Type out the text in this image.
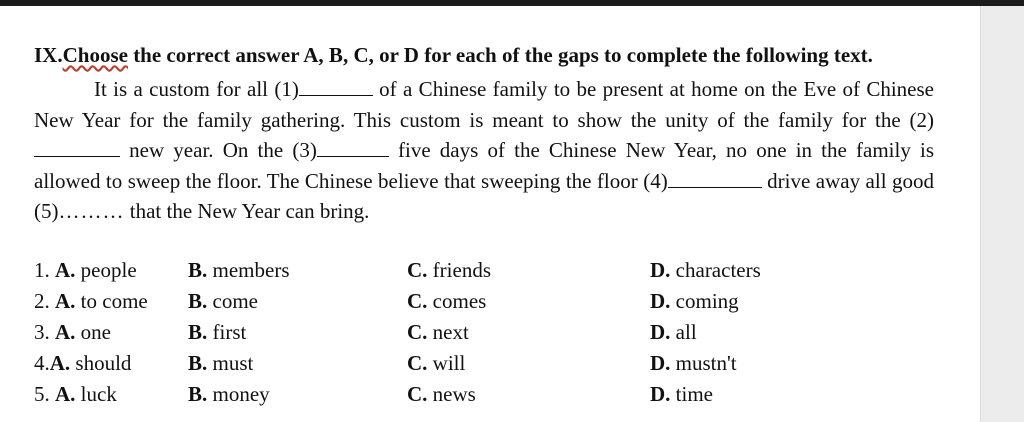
IX.Choose the correct answer A, B, C, or D for each of the gaps to complete the following text.

It is a custom for all (1)	of a Chinese family to be present at home on the Eve of Chinese New Year for the family gathering. This custom is meant to show the unity of the family for the (2) new year. On the (3)	five days of the Chinese New Year, no one in the family is allowed to sweep the floor. The Chinese believe that sweeping the floor (4)	drive away all good (5)……… that the New Year can bring.

1. A. people B. members	C. friends	D. characters
2. A. to come B. come	C. comes	D. coming
3. A. one	B. first	C. next	D. all
4.A. should	B. must	C. will	D. mustn't
5. A. luck	B. money	C. news	D. time
